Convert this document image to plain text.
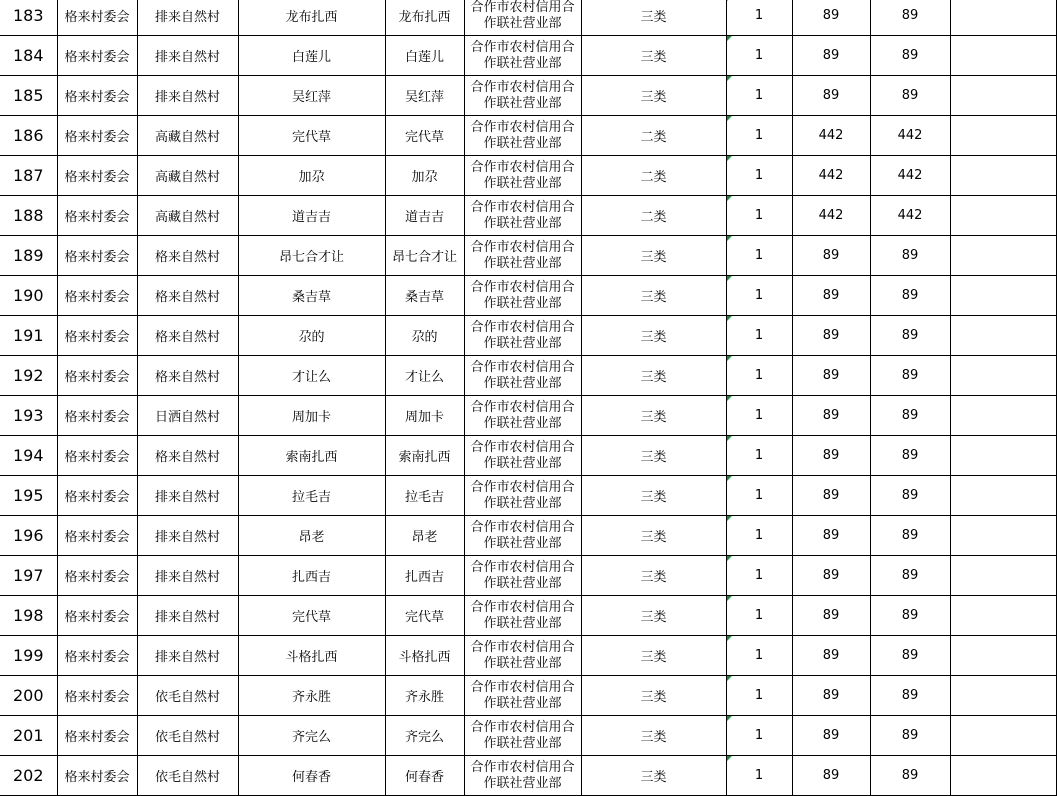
183	格来村委会	排来自然村	龙布扎西	龙布扎西	合作市农村信用合作联社营业部	三类	1	89	89	
184	格来村委会	排来自然村	白莲儿	白莲儿	合作市农村信用合作联社营业部	三类	1	89	89	
185	格来村委会	排来自然村	吴红萍	吴红萍	合作市农村信用合作联社营业部	三类	1	89	89	
186	格来村委会	高藏自然村	完代草	完代草	合作市农村信用合作联社营业部	二类	1	442	442	
187	格来村委会	高藏自然村	加尕	加尕	合作市农村信用合作联社营业部	二类	1	442	442	
188	格来村委会	高藏自然村	道吉吉	道吉吉	合作市农村信用合作联社营业部	二类	1	442	442	
189	格来村委会	格来自然村	昂七合才让	昂七合才让	合作市农村信用合作联社营业部	三类	1	89	89	
190	格来村委会	格来自然村	桑吉草	桑吉草	合作市农村信用合作联社营业部	三类	1	89	89	
191	格来村委会	格来自然村	尕的	尕的	合作市农村信用合作联社营业部	三类	1	89	89	
192	格来村委会	格来自然村	才让么	才让么	合作市农村信用合作联社营业部	三类	1	89	89	
193	格来村委会	日洒自然村	周加卡	周加卡	合作市农村信用合作联社营业部	三类	1	89	89	
194	格来村委会	格来自然村	索南扎西	索南扎西	合作市农村信用合作联社营业部	三类	1	89	89	
195	格来村委会	排来自然村	拉毛吉	拉毛吉	合作市农村信用合作联社营业部	三类	1	89	89	
196	格来村委会	排来自然村	昂老	昂老	合作市农村信用合作联社营业部	三类	1	89	89	
197	格来村委会	排来自然村	扎西吉	扎西吉	合作市农村信用合作联社营业部	三类	1	89	89	
198	格来村委会	排来自然村	完代草	完代草	合作市农村信用合作联社营业部	三类	1	89	89	
199	格来村委会	排来自然村	斗格扎西	斗格扎西	合作市农村信用合作联社营业部	三类	1	89	89	
200	格来村委会	依毛自然村	齐永胜	齐永胜	合作市农村信用合作联社营业部	三类	1	89	89	
201	格来村委会	依毛自然村	齐完么	齐完么	合作市农村信用合作联社营业部	三类	1	89	89	
202	格来村委会	依毛自然村	何春香	何春香	合作市农村信用合作联社营业部	三类	1	89	89	
